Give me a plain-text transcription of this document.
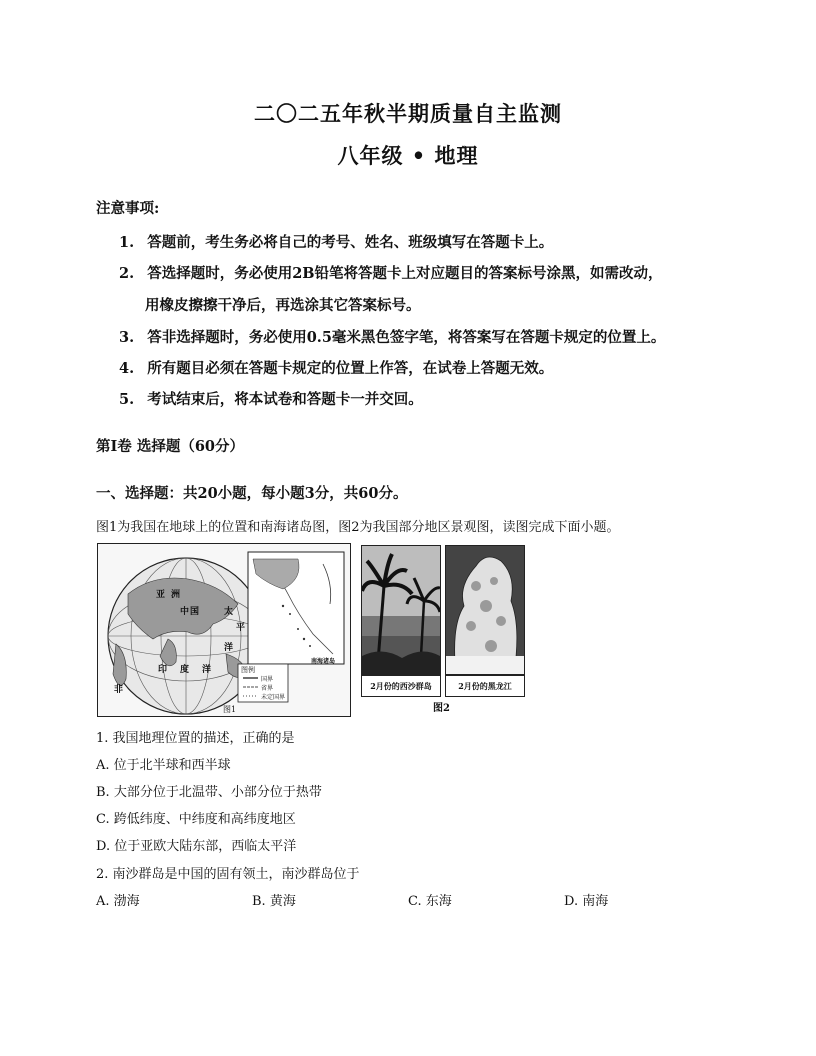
二〇二五年秋半期质量自主监测
八年级 • 地理
注意事项:
1. 答题前，考生务必将自己的考号、姓名、班级填写在答题卡上。
2. 答选择题时，务必使用2B铅笔将答题卡上对应题目的答案标号涂黑，如需改动，
用橡皮擦擦干净后，再选涂其它答案标号。
3. 答非选择题时，务必使用0.5毫米黑色签字笔，将答案写在答题卡规定的位置上。
4. 所有题目必须在答题卡规定的位置上作答，在试卷上答题无效。
5. 考试结束后，将本试卷和答题卡一并交回。
第Ⅰ卷 选择题（60分）
一、选择题：共20小题，每小题3分，共60分。
图1为我国在地球上的位置和南海诸岛图，图2为我国部分地区景观图，读图完成下面小题。
亚 洲
中 国
印 度 洋
太
平
洋
非
图例
国界
省界
未定国界
南海诸岛
图1
2月份的西沙群岛	2月份的黑龙江
图2
1. 我国地理位置的描述，正确的是
A. 位于北半球和西半球
B. 大部分位于北温带、小部分位于热带
C. 跨低纬度、中纬度和高纬度地区
D. 位于亚欧大陆东部，西临太平洋
2. 南沙群岛是中国的固有领土，南沙群岛位于
A. 渤海	B. 黄海	C. 东海	D. 南海
